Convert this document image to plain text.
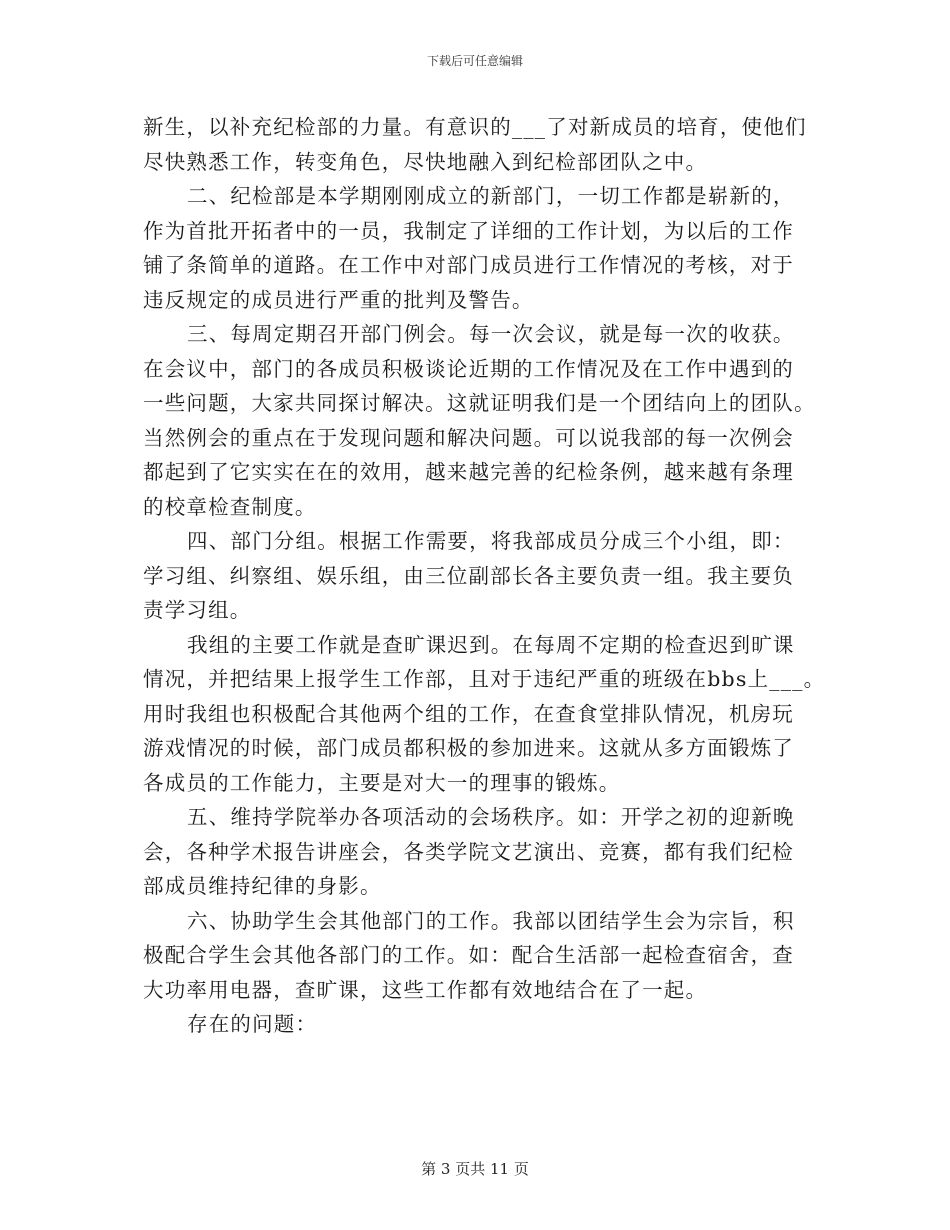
下载后可任意编辑
新生，以补充纪检部的力量。有意识的___了对新成员的培育，使他们
尽快熟悉工作，转变角色，尽快地融入到纪检部团队之中。
二、纪检部是本学期刚刚成立的新部门，一切工作都是崭新的，
作为首批开拓者中的一员，我制定了详细的工作计划，为以后的工作
铺了条简单的道路。在工作中对部门成员进行工作情况的考核，对于
违反规定的成员进行严重的批判及警告。
三、每周定期召开部门例会。每一次会议，就是每一次的收获。
在会议中，部门的各成员积极谈论近期的工作情况及在工作中遇到的
一些问题，大家共同探讨解决。这就证明我们是一个团结向上的团队。
当然例会的重点在于发现问题和解决问题。可以说我部的每一次例会
都起到了它实实在在的效用，越来越完善的纪检条例，越来越有条理
的校章检查制度。
四、部门分组。根据工作需要，将我部成员分成三个小组，即：
学习组、纠察组、娱乐组，由三位副部长各主要负责一组。我主要负
责学习组。
我组的主要工作就是查旷课迟到。在每周不定期的检查迟到旷课
情况，并把结果上报学生工作部，且对于违纪严重的班级在bbs上___。
用时我组也积极配合其他两个组的工作，在查食堂排队情况，机房玩
游戏情况的时候，部门成员都积极的参加进来。这就从多方面锻炼了
各成员的工作能力，主要是对大一的理事的锻炼。
五、维持学院举办各项活动的会场秩序。如：开学之初的迎新晚
会，各种学术报告讲座会，各类学院文艺演出、竞赛，都有我们纪检
部成员维持纪律的身影。
六、协助学生会其他部门的工作。我部以团结学生会为宗旨，积
极配合学生会其他各部门的工作。如：配合生活部一起检查宿舍，查
大功率用电器，查旷课，这些工作都有效地结合在了一起。
存在的问题：
第 3 页共 11 页
